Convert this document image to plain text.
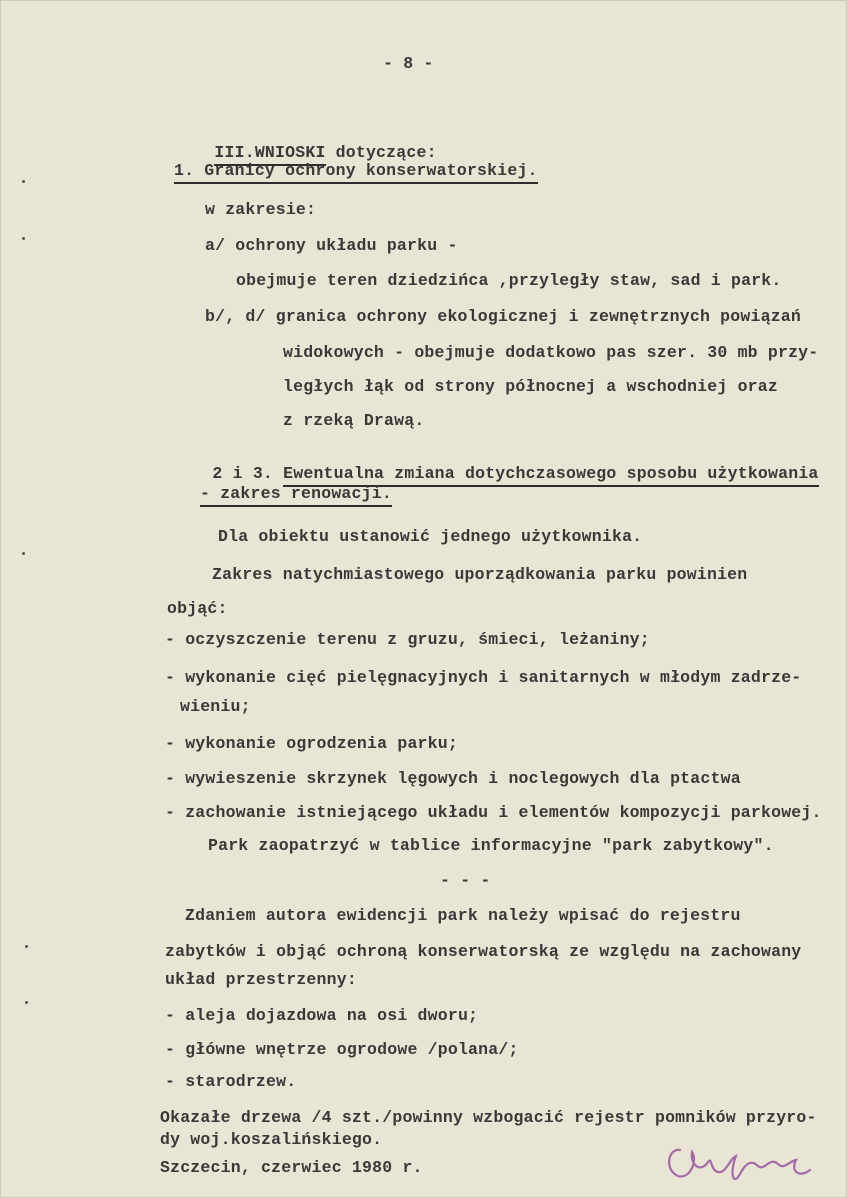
- 8 -

III.WNIOSKI dotyczące:

1. Granicy ochrony konserwatorskiej.
w zakresie:
a/ ochrony układu parku -
obejmuje teren dziedzińca ,przyległy staw, sad i park.
b/, d/ granica ochrony ekologicznej i zewnętrznych powiązań
widokowych - obejmuje dodatkowo pas szer. 30 mb przy-
ległych łąk od strony północnej a wschodniej oraz
z rzeką Drawą.

2 i 3. Ewentualna zmiana dotychczasowego sposobu użytkowania

- zakres renowacji.
Dla obiektu ustanowić jednego użytkownika.
Zakres natychmiastowego uporządkowania parku powinien
objąć:
- oczyszczenie terenu z gruzu, śmieci, leżaniny;
- wykonanie cięć pielęgnacyjnych i sanitarnych w młodym zadrze-
wieniu;
- wykonanie ogrodzenia parku;
- wywieszenie skrzynek lęgowych i noclegowych dla ptactwa
- zachowanie istniejącego układu i elementów kompozycji parkowej.
Park zaopatrzyć w tablice informacyjne "park zabytkowy".
- - -
Zdaniem autora ewidencji park należy wpisać do rejestru
zabytków i objąć ochroną konserwatorską ze względu na zachowany
układ przestrzenny:
- aleja dojazdowa na osi dworu;
- główne wnętrze ogrodowe /polana/;
- starodrzew.
Okazałe drzewa /4 szt./powinny wzbogacić rejestr pomników przyro-
dy woj.koszalińskiego.
Szczecin, czerwiec 1980 r.
